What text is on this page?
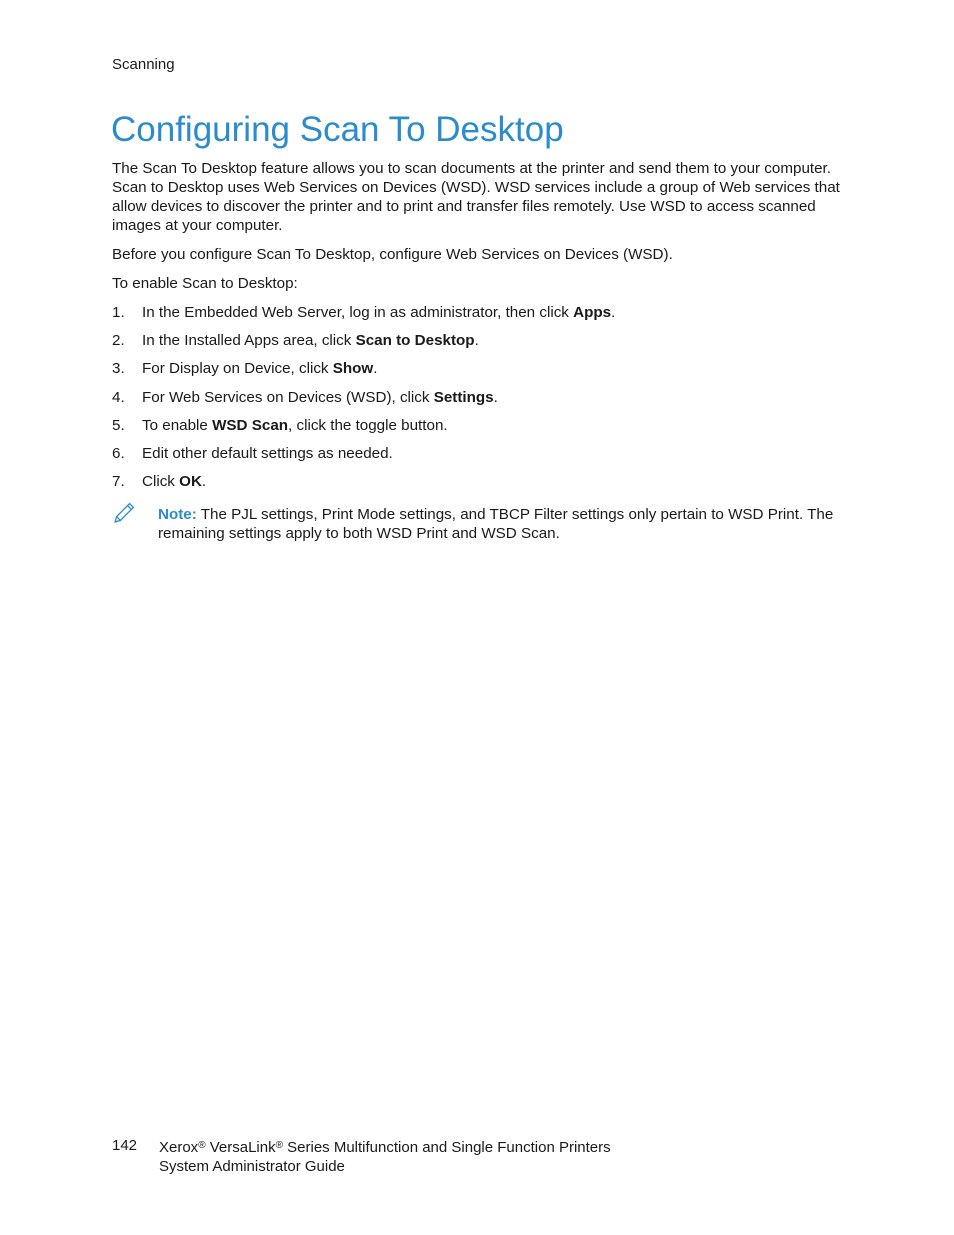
Scanning
Configuring Scan To Desktop

The Scan To Desktop feature allows you to scan documents at the printer and send them to your computer. Scan to Desktop uses Web Services on Devices (WSD). WSD services include a group of Web services that allow devices to discover the printer and to print and transfer files remotely. Use WSD to access scanned images at your computer.

Before you configure Scan To Desktop, configure Web Services on Devices (WSD).

To enable Scan to Desktop:

1. In the Embedded Web Server, log in as administrator, then click Apps.
2. In the Installed Apps area, click Scan to Desktop.
3. For Display on Device, click Show.
4. For Web Services on Devices (WSD), click Settings.
5. To enable WSD Scan, click the toggle button.
6. Edit other default settings as needed.
7. Click OK.

Note: The PJL settings, Print Mode settings, and TBCP Filter settings only pertain to WSD Print. The remaining settings apply to both WSD Print and WSD Scan.

142 Xerox® VersaLink® Series Multifunction and Single Function Printers
System Administrator Guide
